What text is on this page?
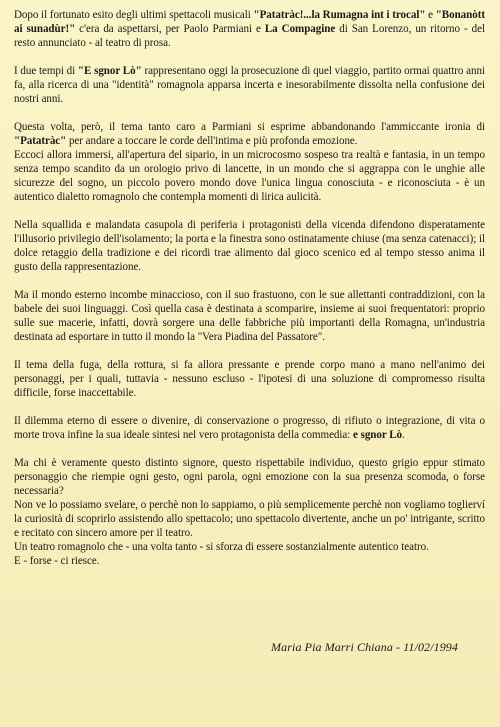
Dopo il fortunato esito degli ultimi spettacoli musicali "Patatràc!...la Rumagna int i trocal" e "Bonanòtt ai sunadùr!" c'era da aspettarsi, per Paolo Parmiani e La Compagine di San Lorenzo, un ritorno - del resto annunciato - al teatro di prosa.

I due tempi di "E sgnor Lò" rappresentano oggi la prosecuzione di quel viaggio, partito ormai quattro anni fa, alla ricerca di una "identità" romagnola apparsa incerta e inesorabilmente dissolta nella confusione dei nostri anni.

Questa volta, però, il tema tanto caro a Parmiani si esprime abbandonando l'ammiccante ironia di "Patatràc" per andare a toccare le corde dell'intima e più profonda emozione.
Eccoci allora immersi, all'apertura del sipario, in un microcosmo sospeso tra realtà e fantasia, in un tempo senza tempo scandito da un orologio privo di lancette, in un mondo che si aggrappa con le unghie alle sicurezze del sogno, un piccolo povero mondo dove l'unica lingua conosciuta - e riconosciuta - è un autentico dialetto romagnolo che contempla momenti di lirica aulicità.

Nella squallida e malandata casupola di periferia i protagonisti della vicenda difendono disperatamente l'illusorio privilegio dell'isolamento; la porta e la finestra sono ostinatamente chiuse (ma senza catenacci); il dolce retaggio della tradizione e dei ricordi trae alimento dal gioco scenico ed al tempo stesso anima il gusto della rappresentazione.

Ma il mondo esterno incombe minaccioso, con il suo frastuono, con le sue allettanti contraddizioni, con la babele dei suoi linguaggi. Così quella casa è destinata a scomparire, insieme ai suoi frequentatori: proprio sulle sue macerie, infatti, dovrà sorgere una delle fabbriche più importanti della Romagna, un'industria destinata ad esportare in tutto il mondo la "Vera Piadina del Passatore".

Il tema della fuga, della rottura, si fa allora pressante e prende corpo mano a mano nell'animo dei personaggi, per i quali, tuttavia - nessuno escluso - l'ipotesi di una soluzione di compromesso risulta difficile, forse inaccettabile.

Il dilemma eterno di essere o divenire, di conservazione o progresso, di rifiuto o integrazione, di vita o morte trova infine la sua ideale sintesi nel vero protagonista della commedia: e sgnor Lò.

Ma chi è veramente questo distinto signore, questo rispettabile individuo, questo grigio eppur stimato personaggio che riempie ogni gesto, ogni parola, ogni emozione con la sua presenza scomoda, o forse necessaria?
Non ve lo possiamo svelare, o perchè non lo sappiamo, o più semplicemente perchè non vogliamo toglierví la curiosità di scoprirlo assistendo allo spettacolo; uno spettacolo divertente, anche un po' intrigante, scritto e recitato con sincero amore per il teatro.
Un teatro romagnolo che - una volta tanto - si sforza di essere sostanzialmente autentico teatro.
E - forse - ci riesce.

Maria Pia Marri Chiana - 11/02/1994
